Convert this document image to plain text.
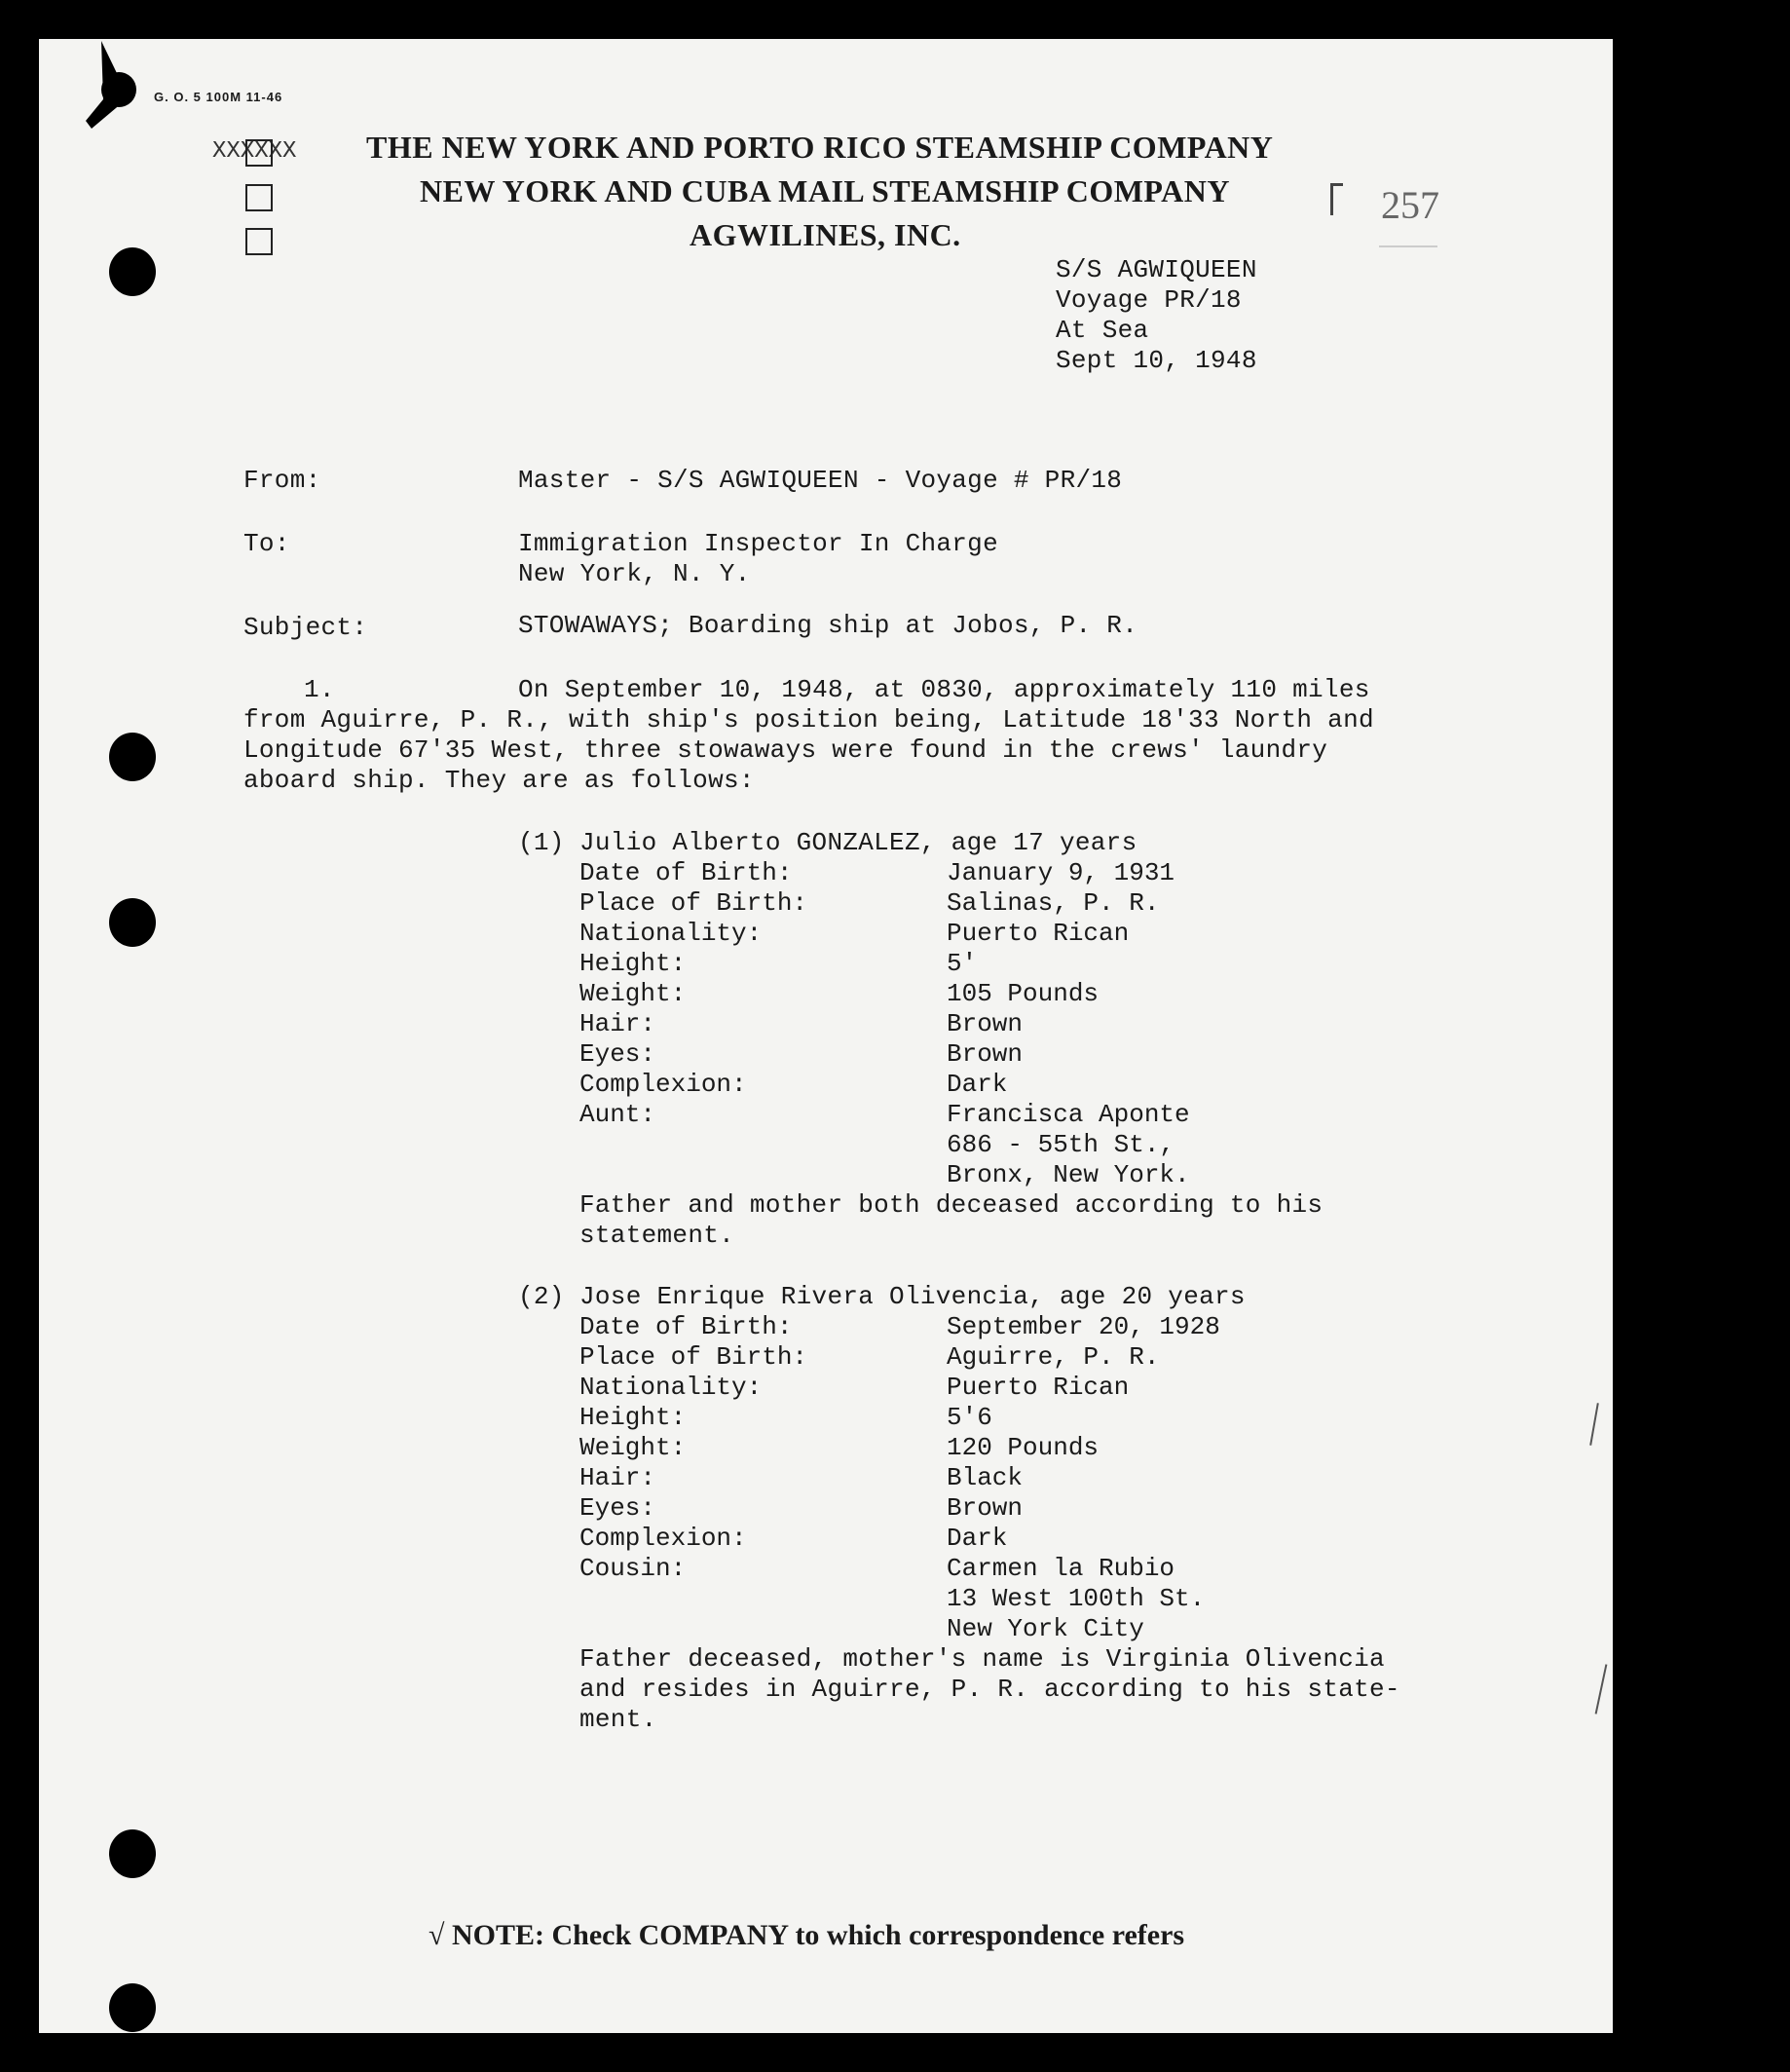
G. O. 5 100M 11-46
XXXXXX THE NEW YORK AND PORTO RICO STEAMSHIP COMPANY
NEW YORK AND CUBA MAIL STEAMSHIP COMPANY
AGWILINES, INC.
257
S/S AGWIQUEEN
Voyage PR/18
At Sea
Sept 10, 1948
From:	Master - S/S AGWIQUEEN - Voyage # PR/18
To:	Immigration Inspector In Charge
New York, N. Y.
Subject:	STOWAWAYS; Boarding ship at Jobos, P. R.
1.	On September 10, 1948, at 0830, approximately 110 miles
from Aguirre, P. R., with ship's position being, Latitude 18'33 North and
Longitude 67'35 West, three stowaways were found in the crews' laundry
aboard ship. They are as follows:
(1) Julio Alberto GONZALEZ, age 17 years
Date of Birth:	January 9, 1931
Place of Birth:	Salinas, P. R.
Nationality:	Puerto Rican
Height:	5'
Weight:	105 Pounds
Hair:	Brown
Eyes:	Brown
Complexion:	Dark
Aunt:	Francisca Aponte
686 - 55th St.,
Bronx, New York.
Father and mother both deceased according to his
statement.
(2) Jose Enrique Rivera Olivencia, age 20 years
Date of Birth:	September 20, 1928
Place of Birth:	Aguirre, P. R.
Nationality:	Puerto Rican
Height:	5'6
Weight:	120 Pounds
Hair:	Black
Eyes:	Brown
Complexion:	Dark
Cousin:	Carmen la Rubio
13 West 100th St.
New York City
Father deceased, mother's name is Virginia Olivencia
and resides in Aguirre, P. R. according to his state-
ment.
√ NOTE: Check COMPANY to which correspondence refers
